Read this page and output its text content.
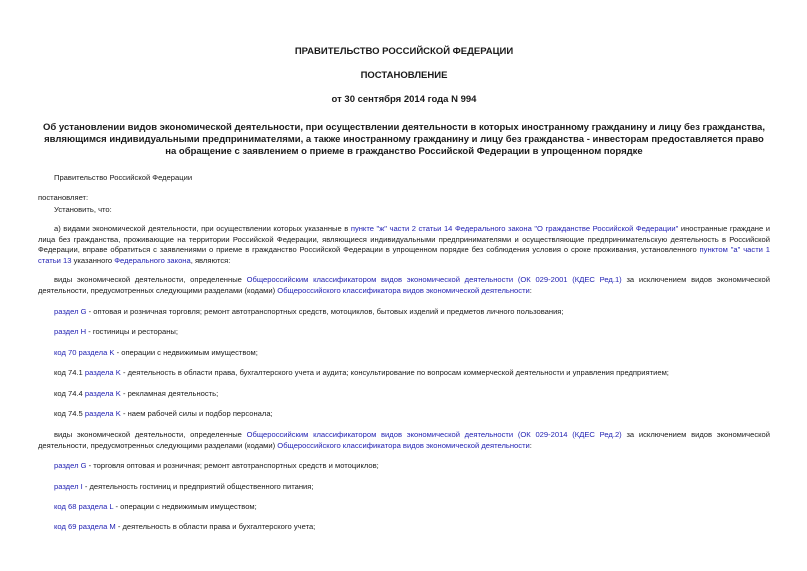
ПРАВИТЕЛЬСТВО РОССИЙСКОЙ ФЕДЕРАЦИИ

ПОСТАНОВЛЕНИЕ

от 30 сентября 2014 года N 994

Об установлении видов экономической деятельности, при осуществлении деятельности в которых иностранному гражданину и лицу без гражданства, являющимся индивидуальными предпринимателями, а также иностранному гражданину и лицу без гражданства - инвесторам предоставляется право на обращение с заявлением о приеме в гражданство Российской Федерации в упрощенном порядке

Правительство Российской Федерации

постановляет:

Установить, что:

а) видами экономической деятельности, при осуществлении которых указанные в пункте "ж" части 2 статьи 14 Федерального закона "О гражданстве Российской Федерации" иностранные граждане и лица без гражданства, проживающие на территории Российской Федерации, являющиеся индивидуальными предпринимателями и осуществляющие предпринимательскую деятельность в Российской Федерации, вправе обратиться с заявлениями о приеме в гражданство Российской Федерации в упрощенном порядке без соблюдения условия о сроке проживания, установленного пунктом "а" части 1 статьи 13 указанного Федерального закона, являются:

виды экономической деятельности, определенные Общероссийским классификатором видов экономической деятельности (ОК 029-2001 (КДЕС Ред.1) за исключением видов экономической деятельности, предусмотренных следующими разделами (кодами) Общероссийского классификатора видов экономической деятельности:

раздел G - оптовая и розничная торговля; ремонт автотранспортных средств, мотоциклов, бытовых изделий и предметов личного пользования;

раздел H - гостиницы и рестораны;

код 70 раздела K - операции с недвижимым имуществом;

код 74.1 раздела K - деятельность в области права, бухгалтерского учета и аудита; консультирование по вопросам коммерческой деятельности и управления предприятием;

код 74.4 раздела K - рекламная деятельность;

код 74.5 раздела K - наем рабочей силы и подбор персонала;

виды экономической деятельности, определенные Общероссийским классификатором видов экономической деятельности (ОК 029-2014 (КДЕС Ред.2) за исключением видов экономической деятельности, предусмотренных следующими разделами (кодами) Общероссийского классификатора видов экономической деятельности:

раздел G - торговля оптовая и розничная; ремонт автотранспортных средств и мотоциклов;

раздел I - деятельность гостиниц и предприятий общественного питания;

код 68 раздела L - операции с недвижимым имуществом;

код 69 раздела M - деятельность в области права и бухгалтерского учета;
